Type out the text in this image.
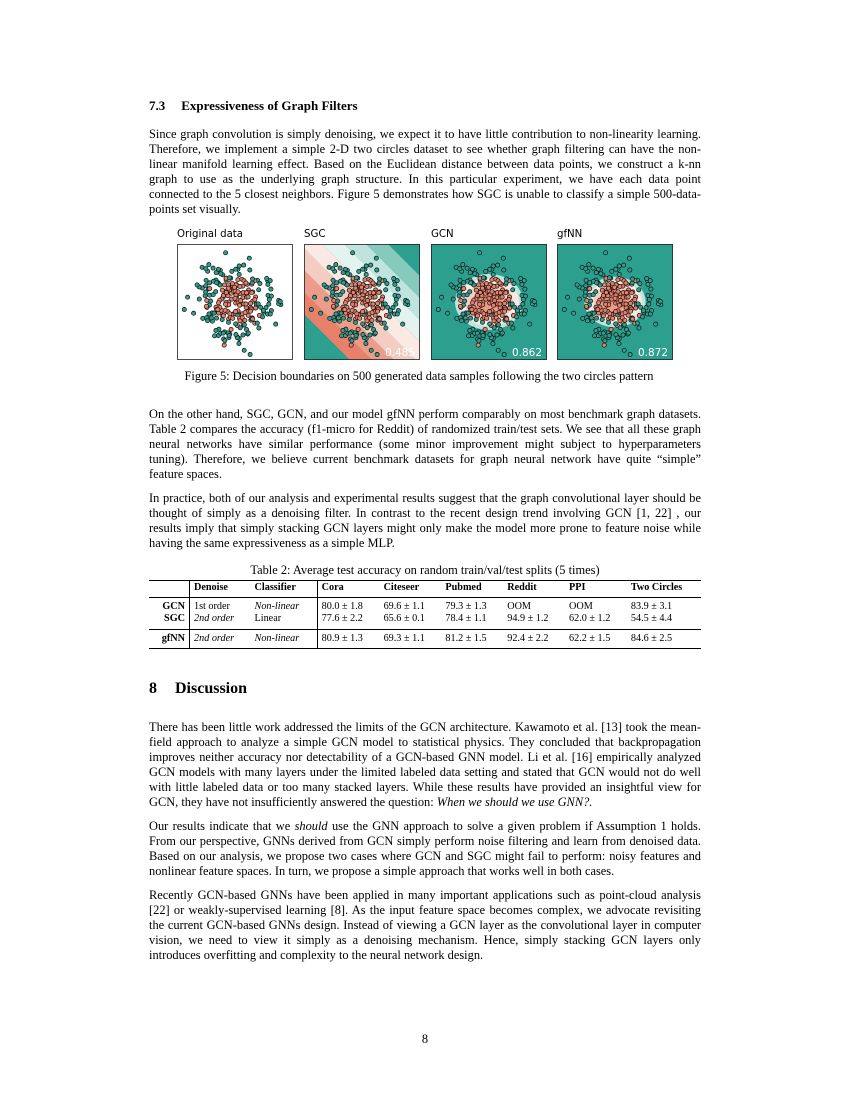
7.3 Expressiveness of Graph Filters

Since graph convolution is simply denoising, we expect it to have little contribution to non-linearity learning. Therefore, we implement a simple 2-D two circles dataset to see whether graph filtering can have the non-linear manifold learning effect. Based on the Euclidean distance between data points, we construct a k-nn graph to use as the underlying graph structure. In this particular experiment, we have each data point connected to the 5 closest neighbors. Figure 5 demonstrates how SGC is unable to classify a simple 500-data-points set visually.

Original data	SGC
0.485
GCN
0.862
gfNN
0.872
Figure 5: Decision boundaries on 500 generated data samples following the two circles pattern

On the other hand, SGC, GCN, and our model gfNN perform comparably on most benchmark graph datasets. Table 2 compares the accuracy (f1-micro for Reddit) of randomized train/test sets. We see that all these graph neural networks have similar performance (some minor improvement might subject to hyperparameters tuning). Therefore, we believe current benchmark datasets for graph neural network have quite “simple” feature spaces.

In practice, both of our analysis and experimental results suggest that the graph convolutional layer should be thought of simply as a denoising filter. In contrast to the recent design trend involving GCN [1, 22] , our results imply that simply stacking GCN layers might only make the model more prone to feature noise while having the same expressiveness as a simple MLP.

Table 2: Average test accuracy on random train/val/test splits (5 times)
	Denoise	Classifier	Cora	Citeseer	Pubmed	Reddit	PPI	Two Circles
GCN	1st order	Non-linear	80.0 ± 1.8	69.6 ± 1.1	79.3 ± 1.3	OOM	OOM	83.9 ± 3.1
SGC	2nd order	Linear	77.6 ± 2.2	65.6 ± 0.1	78.4 ± 1.1	94.9 ± 1.2	62.0 ± 1.2	54.5 ± 4.4
gfNN	2nd order	Non-linear	80.9 ± 1.3	69.3 ± 1.1	81.2 ± 1.5	92.4 ± 2.2	62.2 ± 1.5	84.6 ± 2.5
8 Discussion

There has been little work addressed the limits of the GCN architecture. Kawamoto et al. [13] took the mean-field approach to analyze a simple GCN model to statistical physics. They concluded that backpropagation improves neither accuracy nor detectability of a GCN-based GNN model. Li et al. [16] empirically analyzed GCN models with many layers under the limited labeled data setting and stated that GCN would not do well with little labeled data or too many stacked layers. While these results have provided an insightful view for GCN, they have not insufficiently answered the question: When we should we use GNN?.

Our results indicate that we should use the GNN approach to solve a given problem if Assumption 1 holds. From our perspective, GNNs derived from GCN simply perform noise filtering and learn from denoised data. Based on our analysis, we propose two cases where GCN and SGC might fail to perform: noisy features and nonlinear feature spaces. In turn, we propose a simple approach that works well in both cases.

Recently GCN-based GNNs have been applied in many important applications such as point-cloud analysis [22] or weakly-supervised learning [8]. As the input feature space becomes complex, we advocate revisiting the current GCN-based GNNs design. Instead of viewing a GCN layer as the convolutional layer in computer vision, we need to view it simply as a denoising mechanism. Hence, simply stacking GCN layers only introduces overfitting and complexity to the neural network design.

8
